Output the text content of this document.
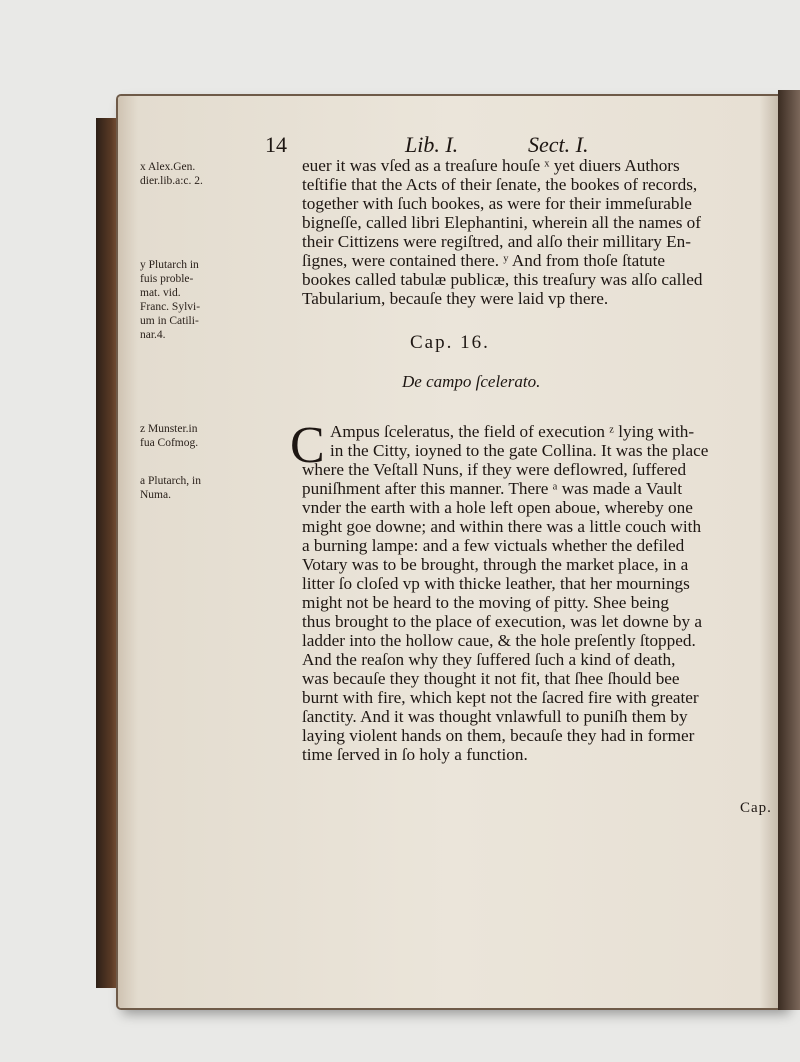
14	Lib. I.	Sect. I.
x Alex.Gen.
dier.lib.a:c. 2.
y Plutarch in
fuis proble-
mat. vid.
Franc. Sylvi-
um in Catili-
nar.4.
z Munster.in
fua Cofmog.
a Plutarch, in
Numa.
euer it was vſed as a treaſure houſe ˣ yet diuers Authors
teſtifie that the Acts of their ſenate, the bookes of records,
together with ſuch bookes, as were for their immeſurable
bigneſſe, called libri Elephantini, wherein all the names of
their Cittizens were regiſtred, and alſo their millitary En-
ſignes, were contained there. ʸ And from thoſe ſtatute
bookes called tabulæ publicæ, this treaſury was alſo called
Tabularium, becauſe they were laid vp there.
Cap. 16.
De campo ſcelerato.
C Ampus ſceleratus, the field of execution ᶻ lying with-
in the Citty, ioyned to the gate Collina. It was the place
where the Veſtall Nuns, if they were deflowred, ſuffered
puniſhment after this manner. There ᵃ was made a Vault
vnder the earth with a hole left open aboue, whereby one
might goe downe; and within there was a little couch with
a burning lampe: and a few victuals whether the defiled
Votary was to be brought, through the market place, in a
litter ſo cloſed vp with thicke leather, that her mournings
might not be heard to the moving of pitty. Shee being
thus brought to the place of execution, was let downe by a
ladder into the hollow caue, & the hole preſently ſtopped.
And the reaſon why they ſuffered ſuch a kind of death,
was becauſe they thought it not fit, that ſhee ſhould bee
burnt with fire, which kept not the ſacred fire with greater
ſanctity. And it was thought vnlawfull to puniſh them by
laying violent hands on them, becauſe they had in former
time ſerved in ſo holy a function.
Cap.
